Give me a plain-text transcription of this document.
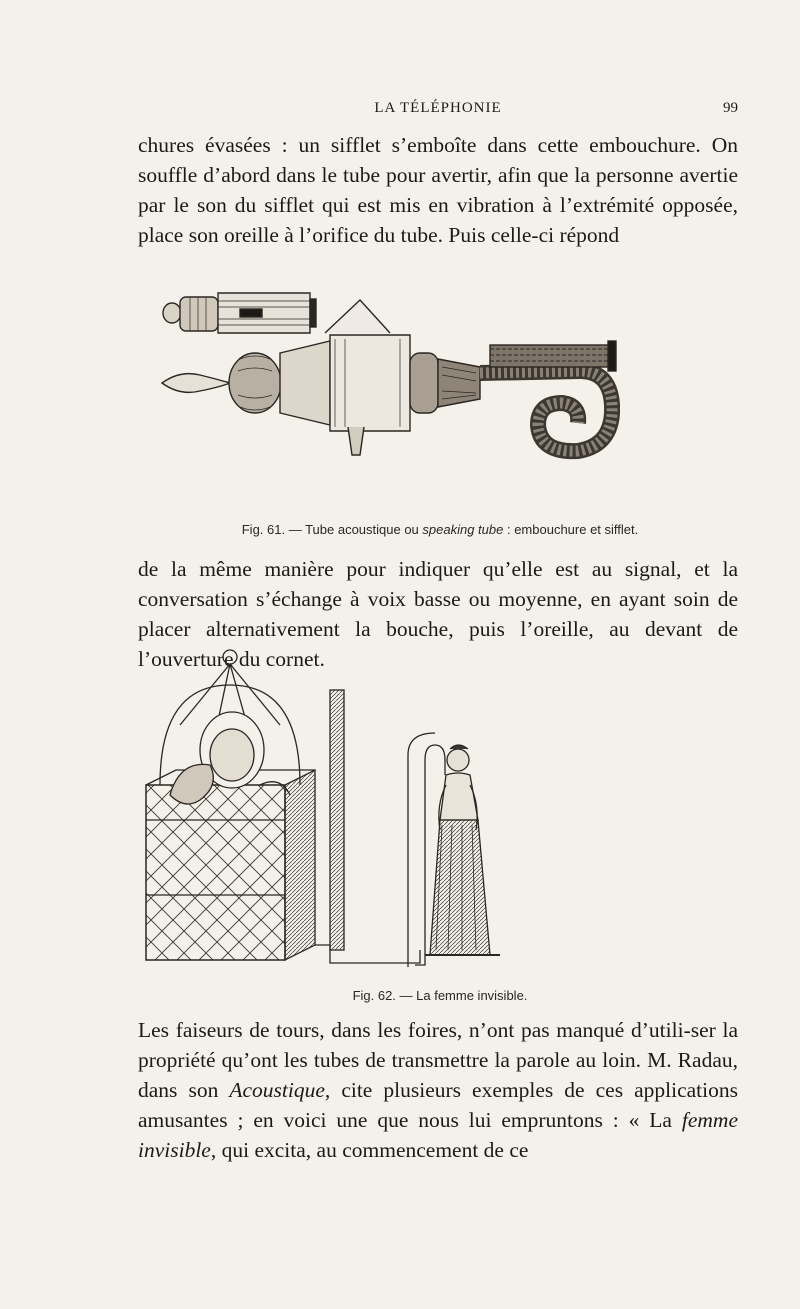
LA TÉLÉPHONIE	99

chures évasées : un sifflet s’emboîte dans cette embouchure. On souffle d’abord dans le tube pour avertir, afin que la personne avertie par le son du sifflet qui est mis en vibration à l’extrémité opposée, place son oreille à l’orifice du tube. Puis celle-ci répond

Fig. 61. — Tube acoustique ou speaking tube : embouchure et sifflet.

de la même manière pour indiquer qu’elle est au signal, et la conversation s’échange à voix basse ou moyenne, en ayant soin de placer alternativement la bouche, puis l’oreille, au devant de l’ouverture du cornet.

Fig. 62. — La femme invisible.

Les faiseurs de tours, dans les foires, n’ont pas manqué d’utili-ser la propriété qu’ont les tubes de transmettre la parole au loin. M. Radau, dans son Acoustique, cite plusieurs exemples de ces applications amusantes ; en voici une que nous lui empruntons : « La femme invisible, qui excita, au commencement de ce
